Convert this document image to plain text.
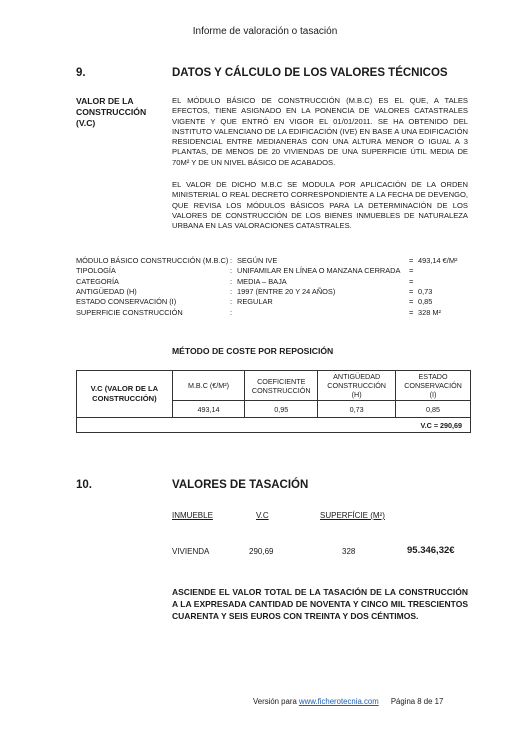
Informe de valoración o tasación
9.	DATOS Y CÁLCULO DE LOS VALORES TÉCNICOS
VALOR DE LA
CONSTRUCCIÓN
(V.C)
EL MÓDULO BÁSICO DE CONSTRUCCIÓN (M.B.C) ES EL QUE, A TALES EFECTOS, TIENE ASIGNADO EN LA PONENCIA DE VALORES CATASTRALES VIGENTE Y QUE ENTRÓ EN VIGOR EL 01/01/2011. SE HA OBTENIDO DEL INSTITUTO VALENCIANO DE LA EDIFICACIÓN (IVE) EN BASE A UNA EDIFICACIÓN RESIDENCIAL ENTRE MEDIANERAS CON UNA ALTURA MENOR O IGUAL A 3 PLANTAS, DE MENOS DE 20 VIVIENDAS DE UNA SUPERFICIE ÚTIL MEDIA DE 70M² Y DE UN NIVEL BÁSICO DE ACABADOS.
EL VALOR DE DICHO M.B.C SE MODULA POR APLICACIÓN DE LA ORDEN MINISTERIAL O REAL DECRETO CORRESPONDIENTE A LA FECHA DE DEVENGO, QUE REVISA LOS MÓDULOS BÁSICOS PARA LA DETERMINACIÓN DE LOS VALORES DE CONSTRUCCIÓN DE LOS BIENES INMUEBLES DE NATURALEZA URBANA EN LAS VALORACIONES CATASTRALES.
MÓDULO BÁSICO CONSTRUCCIÓN (M.B.C) : SEGÚN IVE	= 493,14 €/M²
TIPOLOGÍA	: UNIFAMILAR EN LÍNEA O MANZANA CERRADA =
CATEGORÍA	: MEDIA – BAJA	=
ANTIGÜEDAD (H)	: 1997 (ENTRE 20 Y 24 AÑOS)	= 0,73
ESTADO CONSERVACIÓN (I)	: REGULAR	= 0,85
SUPERFICIE CONSTRUCCIÓN	:	= 328 M²
MÉTODO DE COSTE POR REPOSICIÓN
V.C (VALOR DE LA CONSTRUCCIÓN)	M.B.C (€/M²)	COEFICIENTE CONSTRUCCIÓN	ANTIGÜEDAD CONSTRUCCIÓN (H)	ESTADO CONSERVACIÓN (I)
	493,14	0,95	0,73	0,85
V.C = 290,69				
10.	VALORES DE TASACIÓN
INMUEBLE	V.C	SUPERFÍCIE (M²)
VIVIENDA	290,69	328	95.346,32€
ASCIENDE EL VALOR TOTAL DE LA TASACIÓN DE LA CONSTRUCCIÓN A LA EXPRESADA CANTIDAD DE NOVENTA Y CINCO MIL TRESCIENTOS CUARENTA Y SEIS EUROS CON TREINTA Y DOS CÉNTIMOS.
Versión para www.ficherotecnia.com Página 8 de 17
